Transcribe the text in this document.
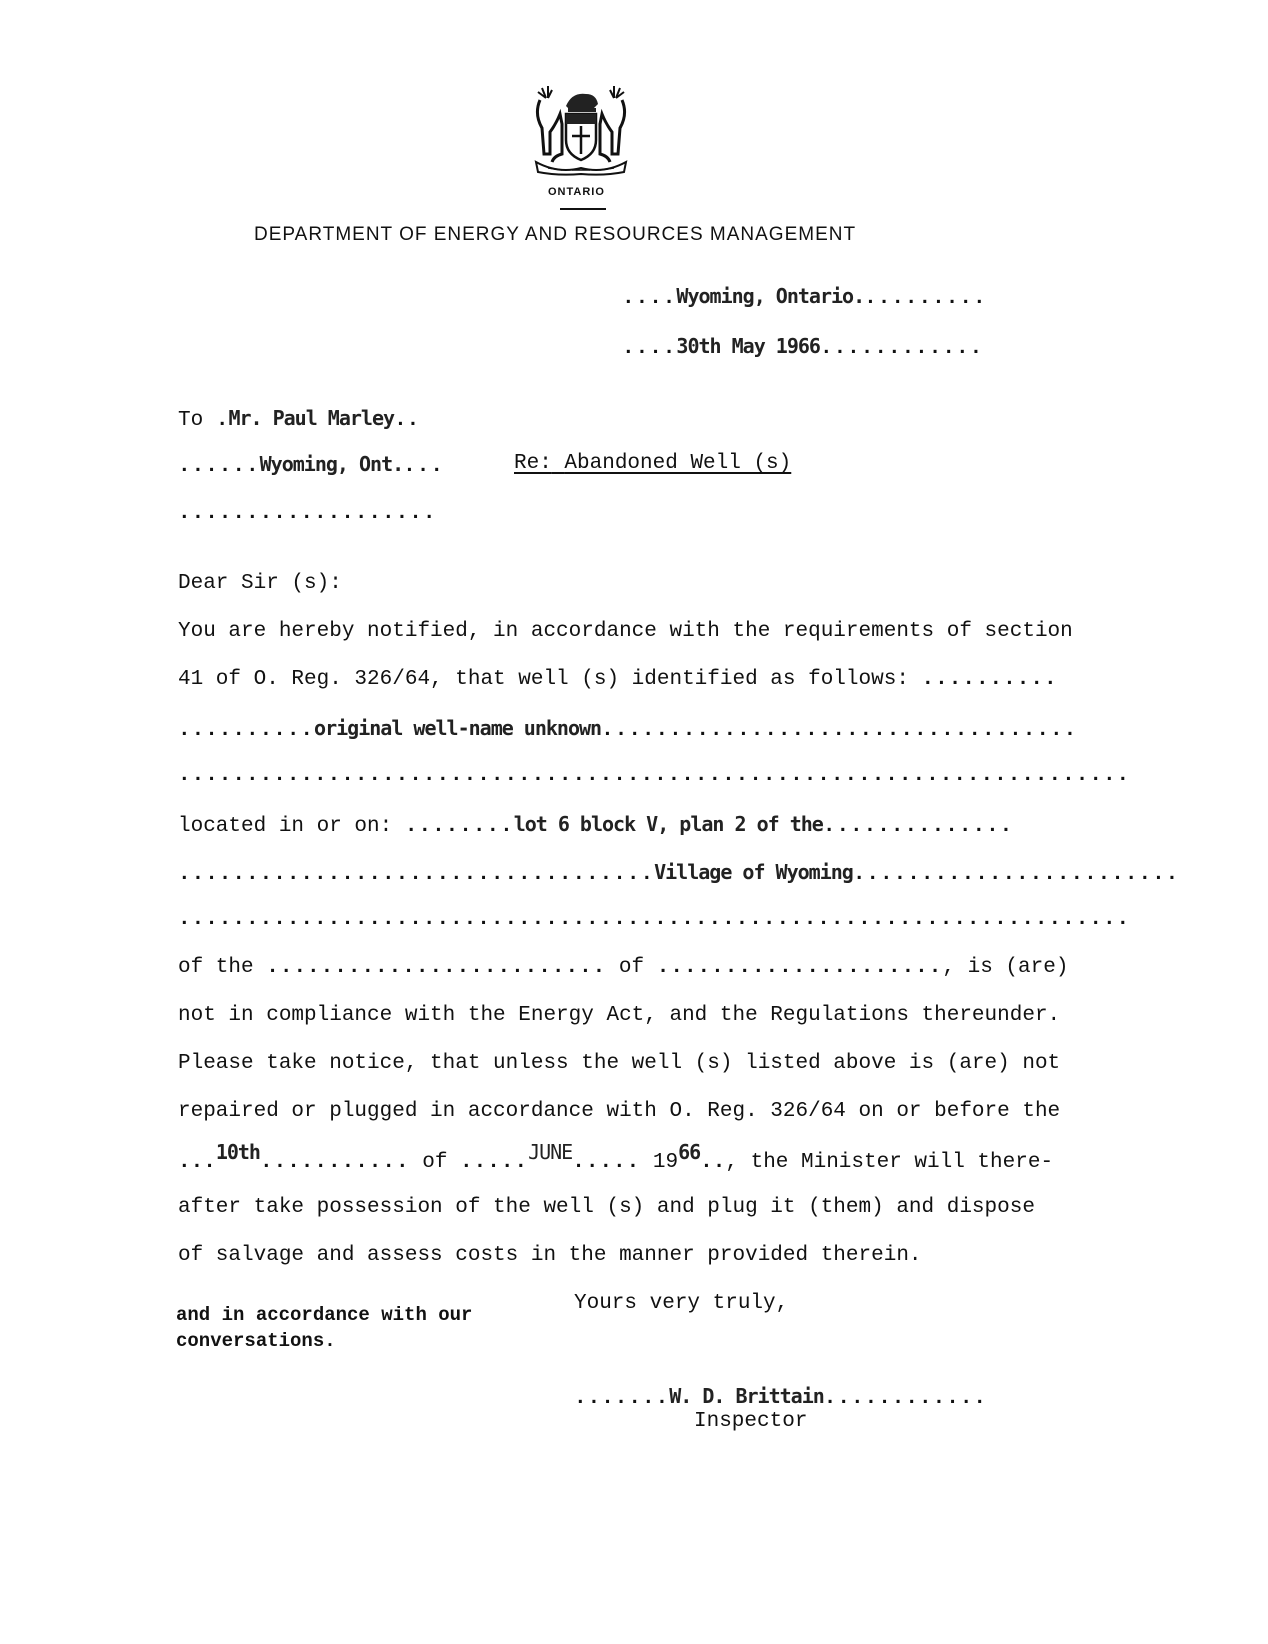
ONTARIO
DEPARTMENT OF ENERGY AND RESOURCES MANAGEMENT
....Wyoming, Ontario..........
....30th May 1966............
To .Mr. Paul Marley..
......Wyoming, Ont....
...................
Re: Abandoned Well (s)
Dear Sir (s):
You are hereby notified, in accordance with the requirements of section
41 of O. Reg. 326/64, that well (s) identified as follows: ..........
..........original well-name unknown...................................
......................................................................
located in or on: ........lot 6 block V, plan 2 of the..............
...................................Village of Wyoming........................
......................................................................
of the ......................... of ....................., is (are)
not in compliance with the Energy Act, and the Regulations thereunder.
Please take notice, that unless the well (s) listed above is (are) not
repaired or plugged in accordance with O. Reg. 326/64 on or before the
...10th........... of .....JUNE..... 1966.., the Minister will there-
after take possession of the well (s) and plug it (them) and dispose
of salvage and assess costs in the manner provided therein.
and in accordance with our
conversations.
Yours very truly,
.......W. D. Brittain............
Inspector
